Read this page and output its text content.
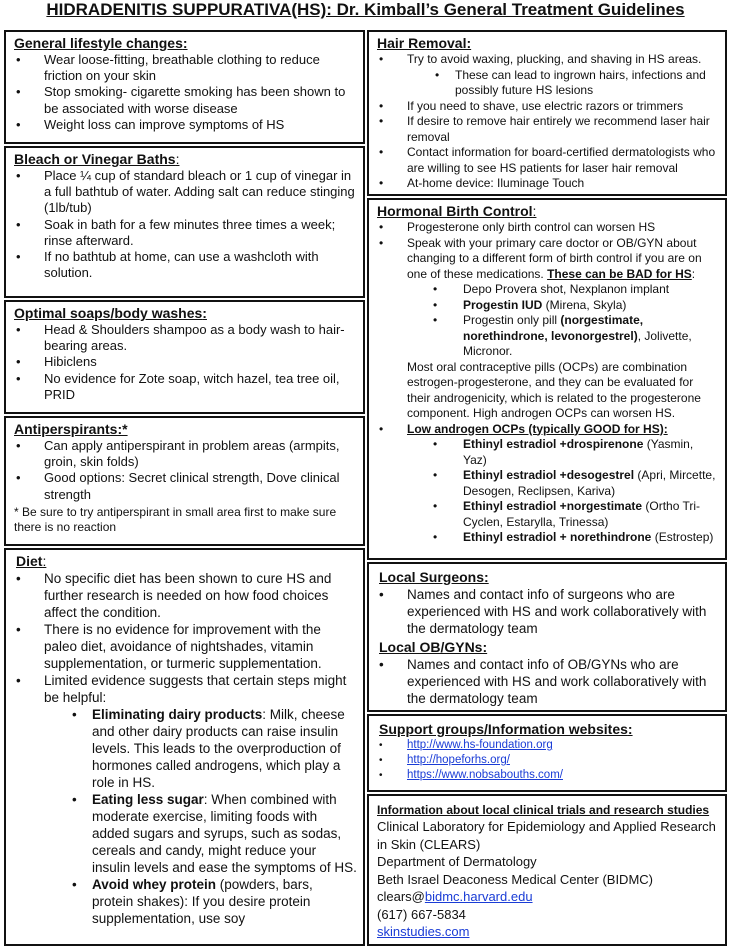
HIDRADENITIS SUPPURATIVA(HS): Dr. Kimball’s General Treatment Guidelines
General lifestyle changes:
• Wear loose-fitting, breathable clothing to reduce friction on your skin
• Stop smoking- cigarette smoking has been shown to be associated with worse disease
• Weight loss can improve symptoms of HS
Bleach or Vinegar Baths:
• Place ¼ cup of standard bleach or 1 cup of vinegar in a full bathtub of water. Adding salt can reduce stinging (1lb/tub)
• Soak in bath for a few minutes three times a week; rinse afterward.
• If no bathtub at home, can use a washcloth with solution.
Optimal soaps/body washes:
• Head & Shoulders shampoo as a body wash to hair-bearing areas.
• Hibiclens
• No evidence for Zote soap, witch hazel, tea tree oil, PRID
Antiperspirants:*
• Can apply antiperspirant in problem areas (armpits, groin, skin folds)
• Good options: Secret clinical strength, Dove clinical strength
* Be sure to try antiperspirant in small area first to make sure there is no reaction
Diet:
• No specific diet has been shown to cure HS and further research is needed on how food choices affect the condition.
• There is no evidence for improvement with the paleo diet, avoidance of nightshades, vitamin supplementation, or turmeric supplementation.
• Limited evidence suggests that certain steps might be helpful:
• Eliminating dairy products: Milk, cheese and other dairy products can raise insulin levels. This leads to the overproduction of hormones called androgens, which play a role in HS.
• Eating less sugar: When combined with moderate exercise, limiting foods with added sugars and syrups, such as sodas, cereals and candy, might reduce your insulin levels and ease the symptoms of HS.
• Avoid whey protein (powders, bars, protein shakes): If you desire protein supplementation, use soy
Hair Removal:
• Try to avoid waxing, plucking, and shaving in HS areas.
• These can lead to ingrown hairs, infections and possibly future HS lesions
• If you need to shave, use electric razors or trimmers
• If desire to remove hair entirely we recommend laser hair removal
• Contact information for board-certified dermatologists who are willing to see HS patients for laser hair removal
• At-home device: Iluminage Touch
Hormonal Birth Control:
• Progesterone only birth control can worsen HS
• Speak with your primary care doctor or OB/GYN about changing to a different form of birth control if you are on one of these medications. These can be BAD for HS:
• Depo Provera shot, Nexplanon implant
• Progestin IUD (Mirena, Skyla)
• Progestin only pill (norgestimate, norethindrone, levonorgestrel), Jolivette, Micronor.
Most oral contraceptive pills (OCPs) are combination estrogen-progesterone, and they can be evaluated for their androgenicity, which is related to the progesterone component. High androgen OCPs can worsen HS.
• Low androgen OCPs (typically GOOD for HS):
• Ethinyl estradiol +drospirenone (Yasmin, Yaz)
• Ethinyl estradiol +desogestrel (Apri, Mircette, Desogen, Reclipsen, Kariva)
• Ethinyl estradiol +norgestimate (Ortho Tri-Cyclen, Estarylla, Trinessa)
• Ethinyl estradiol + norethindrone (Estrostep)
Local Surgeons:
• Names and contact info of surgeons who are experienced with HS and work collaboratively with the dermatology team
Local OB/GYNs:
• Names and contact info of OB/GYNs who are experienced with HS and work collaboratively with the dermatology team
Support groups/Information websites:
• http://www.hs-foundation.org
• http://hopeforhs.org/
• https://www.nobsabouths.com/
Information about local clinical trials and research studies
Clinical Laboratory for Epidemiology and Applied Research in Skin (CLEARS)
Department of Dermatology
Beth Israel Deaconess Medical Center (BIDMC)
clears@bidmc.harvard.edu
(617) 667-5834
skinstudies.com
